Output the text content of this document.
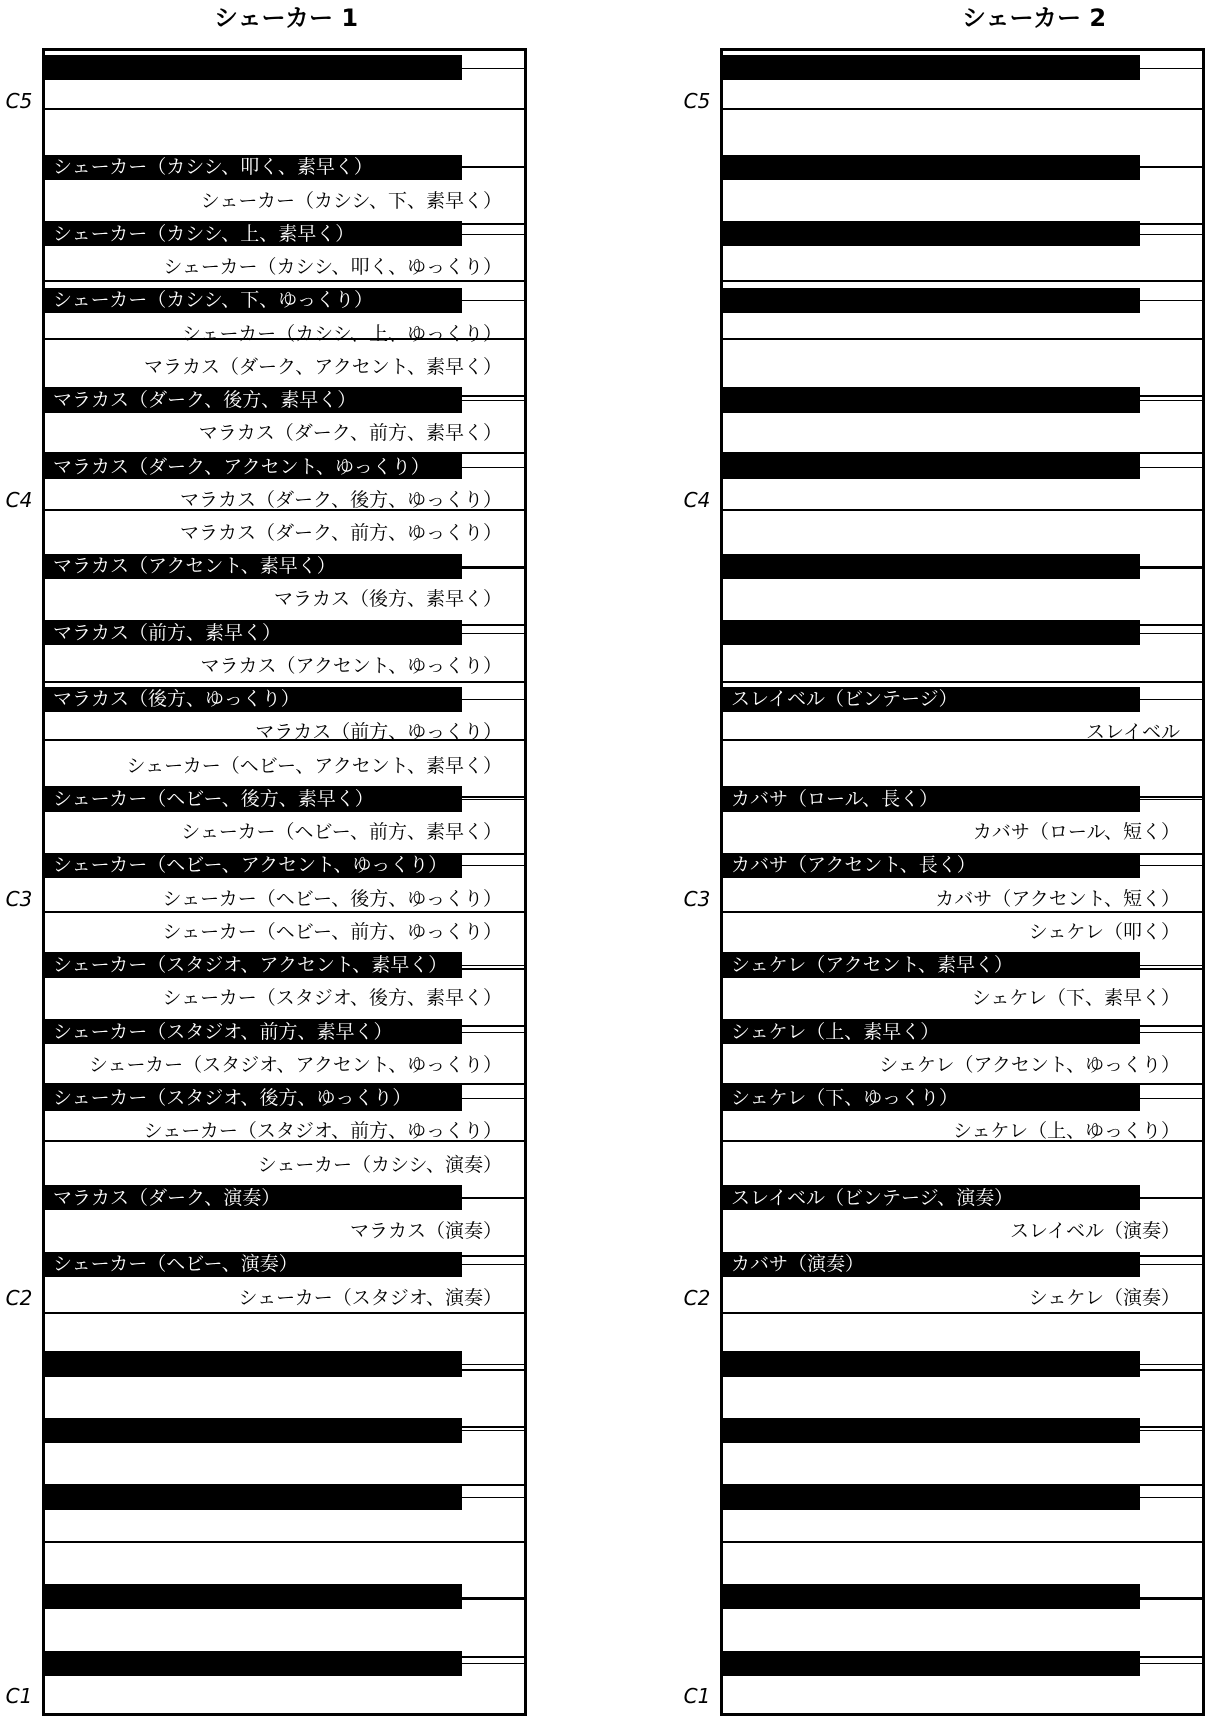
シェーカー 1
シェーカー（カシシ、叩く、素早く）
シェーカー（カシシ、下、素早く）
シェーカー（カシシ、上、素早く）
シェーカー（カシシ、叩く、ゆっくり）
シェーカー（カシシ、下、ゆっくり）
シェーカー（カシシ、上、ゆっくり）
マラカス（ダーク、アクセント、素早く）
マラカス（ダーク、後方、素早く）
マラカス（ダーク、前方、素早く）
マラカス（ダーク、アクセント、ゆっくり）
マラカス（ダーク、後方、ゆっくり）
マラカス（ダーク、前方、ゆっくり）
マラカス（アクセント、素早く）
マラカス（後方、素早く）
マラカス（前方、素早く）
マラカス（アクセント、ゆっくり）
マラカス（後方、ゆっくり）
マラカス（前方、ゆっくり）
シェーカー（ヘビー、アクセント、素早く）
シェーカー（ヘビー、後方、素早く）
シェーカー（ヘビー、前方、素早く）
シェーカー（ヘビー、アクセント、ゆっくり）
シェーカー（ヘビー、後方、ゆっくり）
シェーカー（ヘビー、前方、ゆっくり）
シェーカー（スタジオ、アクセント、素早く）
シェーカー（スタジオ、後方、素早く）
シェーカー（スタジオ、前方、素早く）
シェーカー（スタジオ、アクセント、ゆっくり）
シェーカー（スタジオ、後方、ゆっくり）
シェーカー（スタジオ、前方、ゆっくり）
シェーカー（カシシ、演奏）
マラカス（ダーク、演奏）
マラカス（演奏）
シェーカー（ヘビー、演奏）
シェーカー（スタジオ、演奏）
C5
C4
C3
C2
C1
シェーカー 2
スレイベル（ビンテージ）
スレイベル
カバサ（ロール、長く）
カバサ（ロール、短く）
カバサ（アクセント、長く）
カバサ（アクセント、短く）
シェケレ（叩く）
シェケレ（アクセント、素早く）
シェケレ（下、素早く）
シェケレ（上、素早く）
シェケレ（アクセント、ゆっくり）
シェケレ（下、ゆっくり）
シェケレ（上、ゆっくり）
スレイベル（ビンテージ、演奏）
スレイベル（演奏）
カバサ（演奏）
シェケレ（演奏）
C5
C4
C3
C2
C1
